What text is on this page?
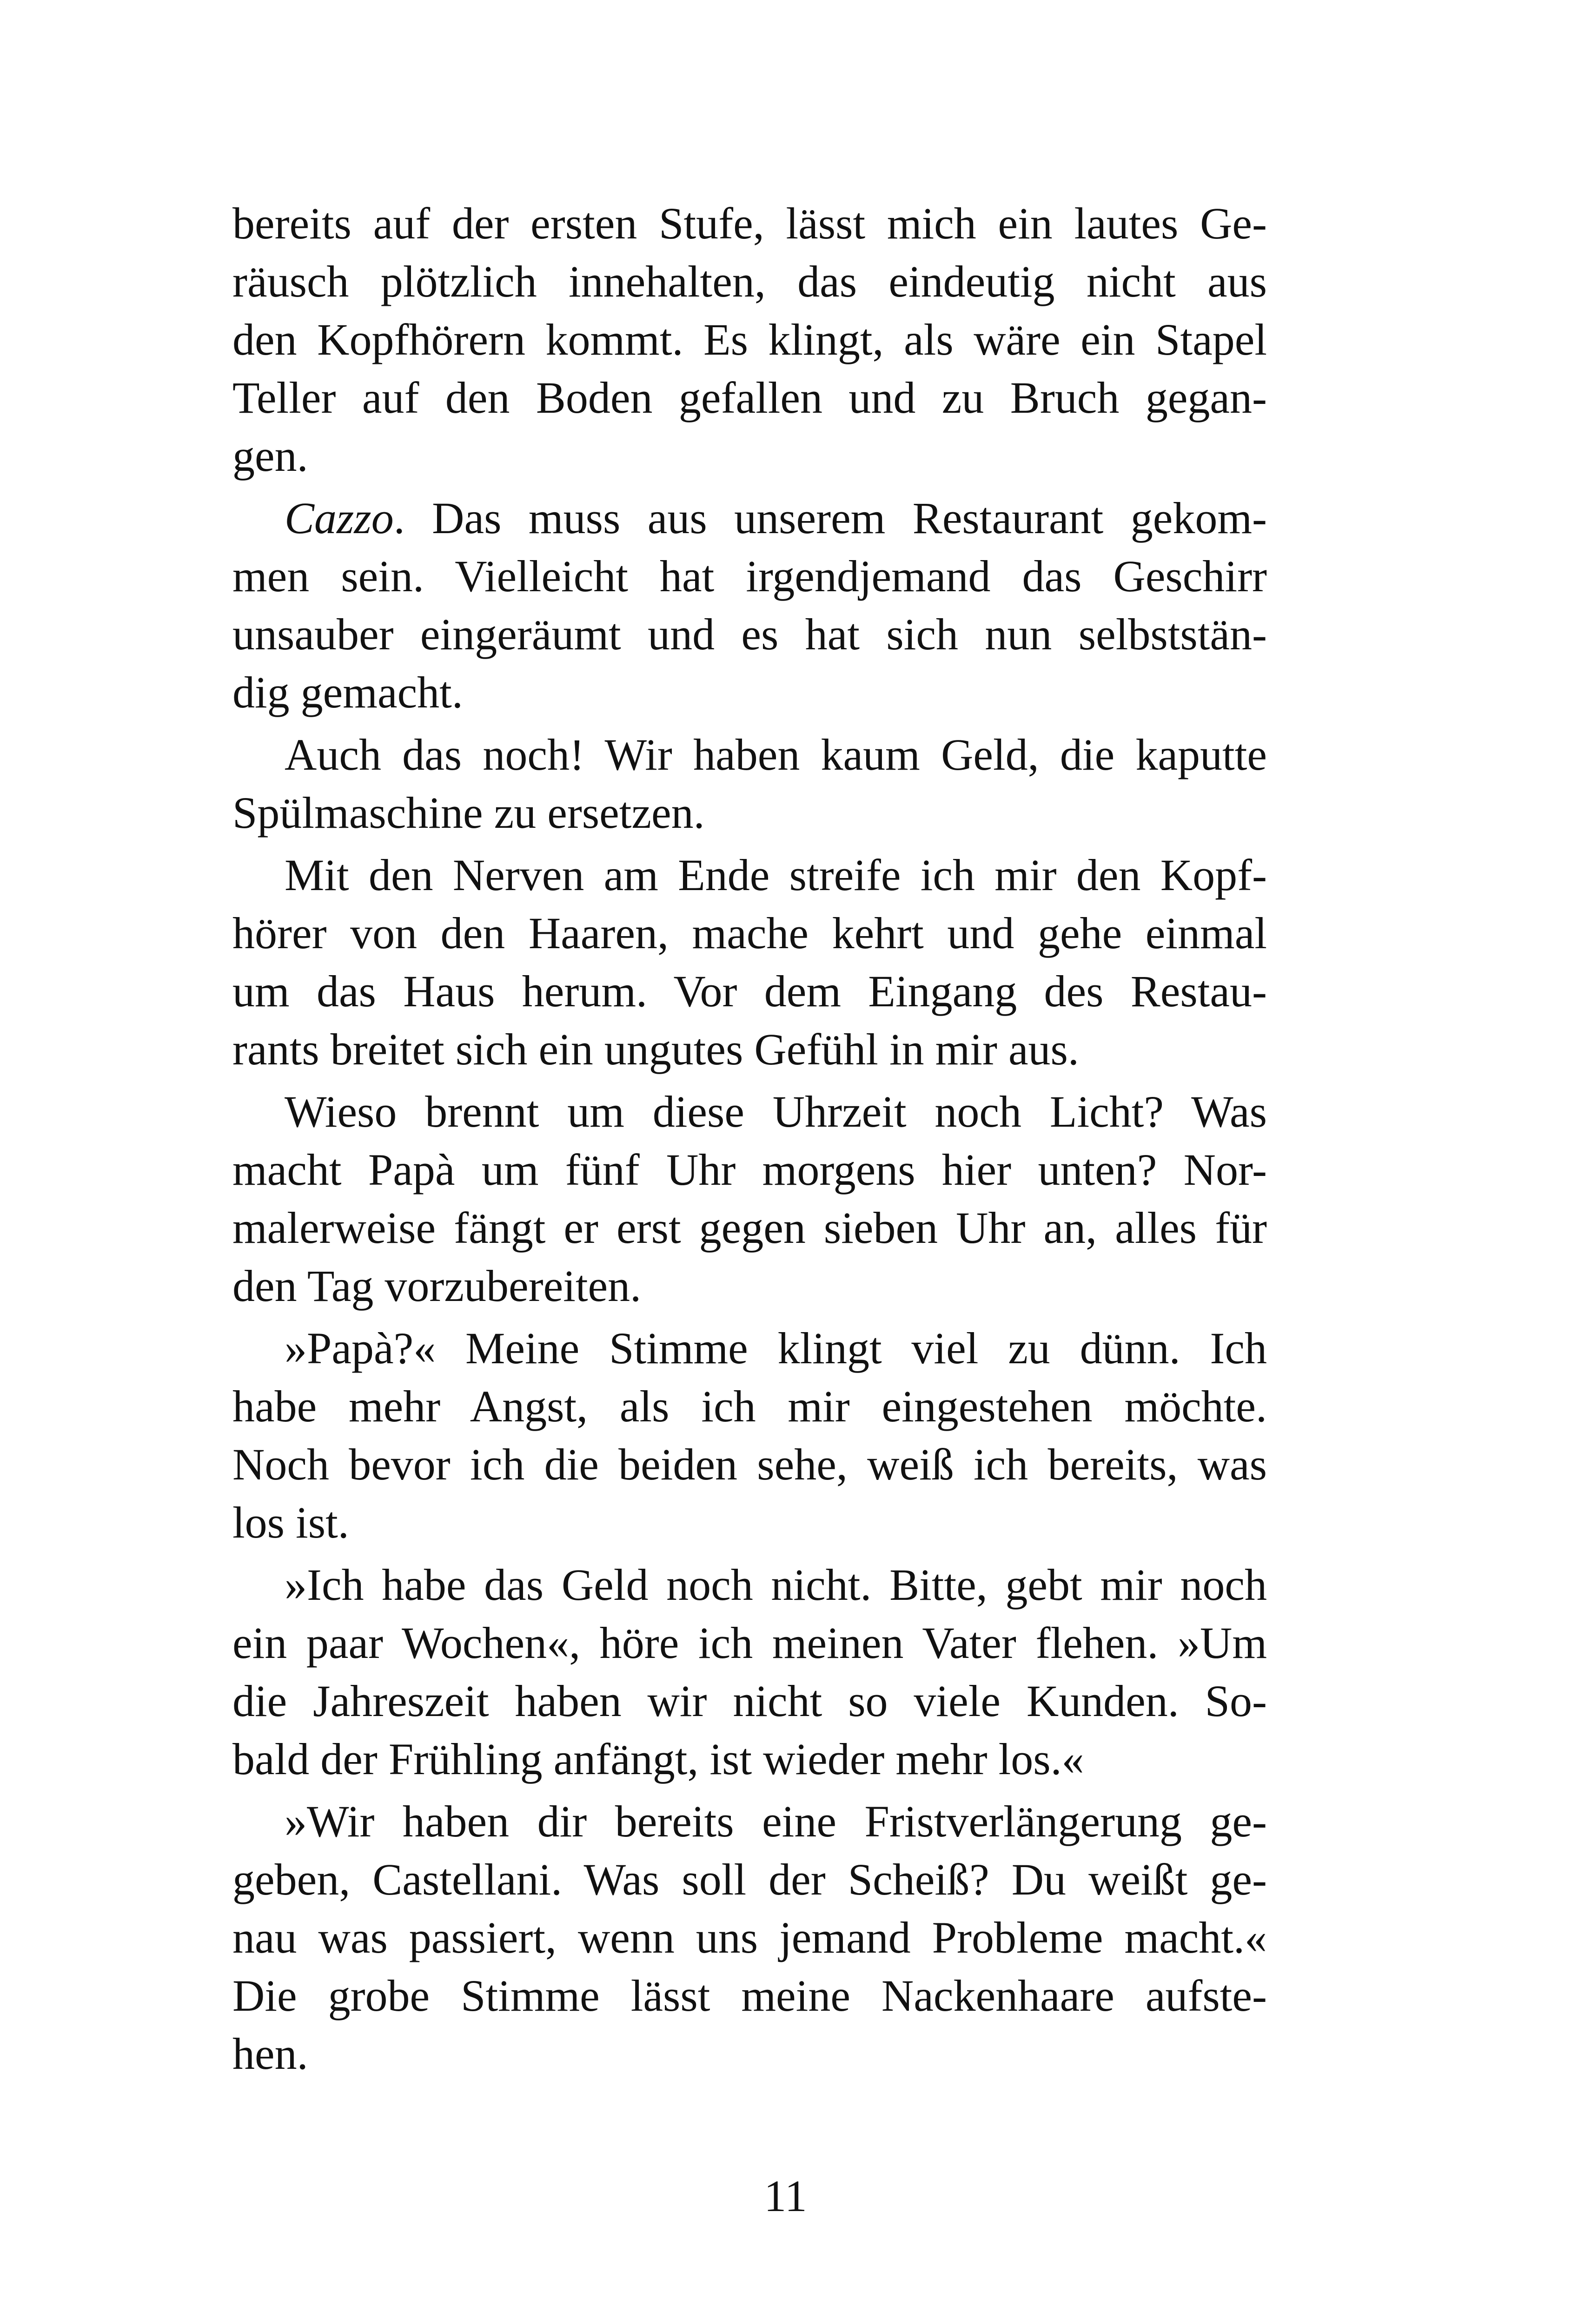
bereits auf der ersten Stufe, lässt mich ein lautes Ge-
räusch plötzlich innehalten, das eindeutig nicht aus
den Kopfhörern kommt. Es klingt, als wäre ein Stapel
Teller auf den Boden gefallen und zu Bruch gegan-
gen.
Cazzo. Das muss aus unserem Restaurant gekom-
men sein. Vielleicht hat irgendjemand das Geschirr
unsauber eingeräumt und es hat sich nun selbststän-
dig gemacht.
Auch das noch! Wir haben kaum Geld, die kaputte
Spülmaschine zu ersetzen.
Mit den Nerven am Ende streife ich mir den Kopf-
hörer von den Haaren, mache kehrt und gehe einmal
um das Haus herum. Vor dem Eingang des Restau-
rants breitet sich ein ungutes Gefühl in mir aus.
Wieso brennt um diese Uhrzeit noch Licht? Was
macht Papà um fünf Uhr morgens hier unten? Nor-
malerweise fängt er erst gegen sieben Uhr an, alles für
den Tag vorzubereiten.
»Papà?« Meine Stimme klingt viel zu dünn. Ich
habe mehr Angst, als ich mir eingestehen möchte.
Noch bevor ich die beiden sehe, weiß ich bereits, was
los ist.
»Ich habe das Geld noch nicht. Bitte, gebt mir noch
ein paar Wochen«, höre ich meinen Vater flehen. »Um
die Jahreszeit haben wir nicht so viele Kunden. So-
bald der Frühling anfängt, ist wieder mehr los.«
»Wir haben dir bereits eine Fristverlängerung ge-
geben, Castellani. Was soll der Scheiß? Du weißt ge-
nau was passiert, wenn uns jemand Probleme macht.«
Die grobe Stimme lässt meine Nackenhaare aufste-
hen.
11
